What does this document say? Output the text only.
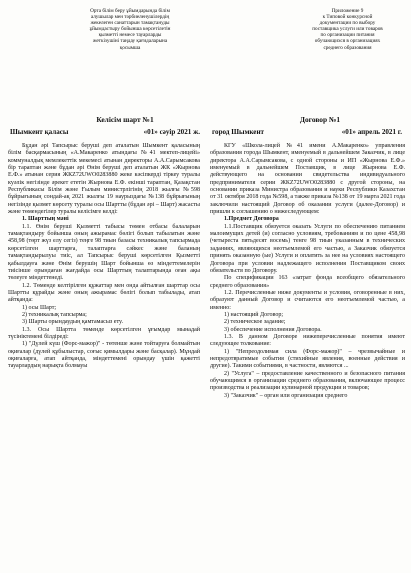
Орта білім беру ұйымдарында білім
алушылар мен тәрбиеленушілердің
жекелеген санаттарын тамақтануды
ұйымдастыру бойынша көрсетілетін
қызметті немесе тауарларды
жеткізушіні таңдау қағидаларына
қосымша
Келісім шарт №1
Шымкент қаласы	«01» сәуір 2021 ж.

Бұдан әрі Тапсырыс беруші деп аталатын Шымкент қаласының білім басқармасының «А.Макаренко атындағы №41 мектеп-лицейі» коммуналдық мемлекеттік мекемесі атынан директоры А.А.Сарымсакова бір тараптан және бұдан әрі Өнім беруші деп аталатын ЖК «Жырнова Е.Ф.» атынан серия ЖКZ72UWO0283880 жеке кәсіпкерді тіркеу туралы куәлік негізінде әрекет ететін Жырнова Е.Ф. екінші тараптан, Қазақстан Республикасы Білім және Ғылым министрлігінің 2018 жылғы №598 бұйрығының сондай-ақ 2021 жылғы 19 наурыздағы №138 бұйрығының негізінде қызмет көрсету туралы осы Шартты (бұдан әрі – Шарт) жасасты және төмендегілер туралы келісімге келді:

1. Шарттың мәні

1.1. Өнім беруші Қызметті табысы төмен отбасы балаларын тамақтандыру бойынша оның ажырамас бөлігі болып табылатын және 458,98 (төрт жүз елу сегіз) теңге 98 тиын базасы техникалық тапсырмада көрсетілген шарттарға, талаптарға сәйкес және баланың тамақтандырылуы тиіс, ал Тапсырыс беруші көрсетілген Қызметті қабылдауға және Өнім берушің Шарт бойынша өз міндеттемелерін тиісінше орындаған жағдайда осы Шарттың талаптарында оған ақы төлеуге міндеттенеді.

1.2. Төменде келтірілген құжаттар мен онда айтылған шарттар осы Шартты құрайды және оның ажырамас бөлігі болып табылады, атап айтқанда:

1) осы Шарт;

2) техникалық тапсырма;

3) Шарты орындаудың қамтамасыз ету.

1.3. Осы Шартта төменде көрсетілген ұғымдар мынадай түсініктемені білдіреді:

1) "Дүлей күш (Форс-мажор)" - төтенше және тойтаруға болмайтын оқиғалар (дүлей құбылыстар, соғыс қимылдары және басқалар). Мұндай оқиғаларға, атап айтқанда, міндеттемені орындау үшін қажетті тауарлардың нарықта болмауы

Приложение 9
к Типовой конкурсной
документации по выбору
поставщика услуги или товаров
по организации питания
обучающихся в организациях
среднего образования
Договор №1
город Шымкент	«01» апрель 2021 г.

КГУ «Школа-лицей №41 имени А.Макаренко» управления образования города Шымкент, именуемый в дальнейшем Заказчик, в лице директора А.А.Сарымсакова, с одной стороны и ИП «Жырнова Е.Ф.» именуемый в дальнейшем Поставщик, в лице Жырнова Е.Ф. действующего на основании свидетельства индивидуального предпринимателя серии ЖКZ72UWO0283880 с другой стороны, на основании приказа Министра образования и науки Республики Казахстан от 31 октября 2018 года №598, а также приказа №138 от 19 марта 2021 года заключили настоящий Договор об оказании услуги (далее-Договор) и пришли к соглашению о нижеследующем:

1.Предмет Договора

1.1.Поставщик обязуется оказать Услуги по обеспечению питанием малоимущих детей (и) согласно условиям, требованиям и по цене 458,98 (четыреста пятьдесят восемь) тенге 98 тиын указанным в технических заданиях, являющихся неотъемлемой его частью, а Заказчик обязуется принять оказанную (ые) Услуги и оплатить за нее на условиях настоящего Договора при условии надлежащего исполнения Поставщиком своих обязательств по Договору.

По спецификации 163 «затрат фонда всеобщего обязательного среднего образования»

1.2. Перечисленные ниже документы и условия, оговоренные в них, образуют данный Договор и считаются его неотъемлемой частью, а именно:

1) настоящий Договор;

2) техническое задание;

3) обеспечение исполнения Договора.

1.3. В данном Договоре нижеперечисленные понятия имеют следующее толкование:

1) "Непреодолимая сила (Форс-мажор)" – чрезвычайные и непредотвратимые события (стихийные явления, военные действия и другие). Такими событиями, в частности, являются ...

2) "Услуга" – предоставление качественного и безопасного питания обучающимся в организации среднего образования, включающее процесс производства и реализации кулинарной продукции и товаров;

3) "Заказчик" – орган или организация среднего
